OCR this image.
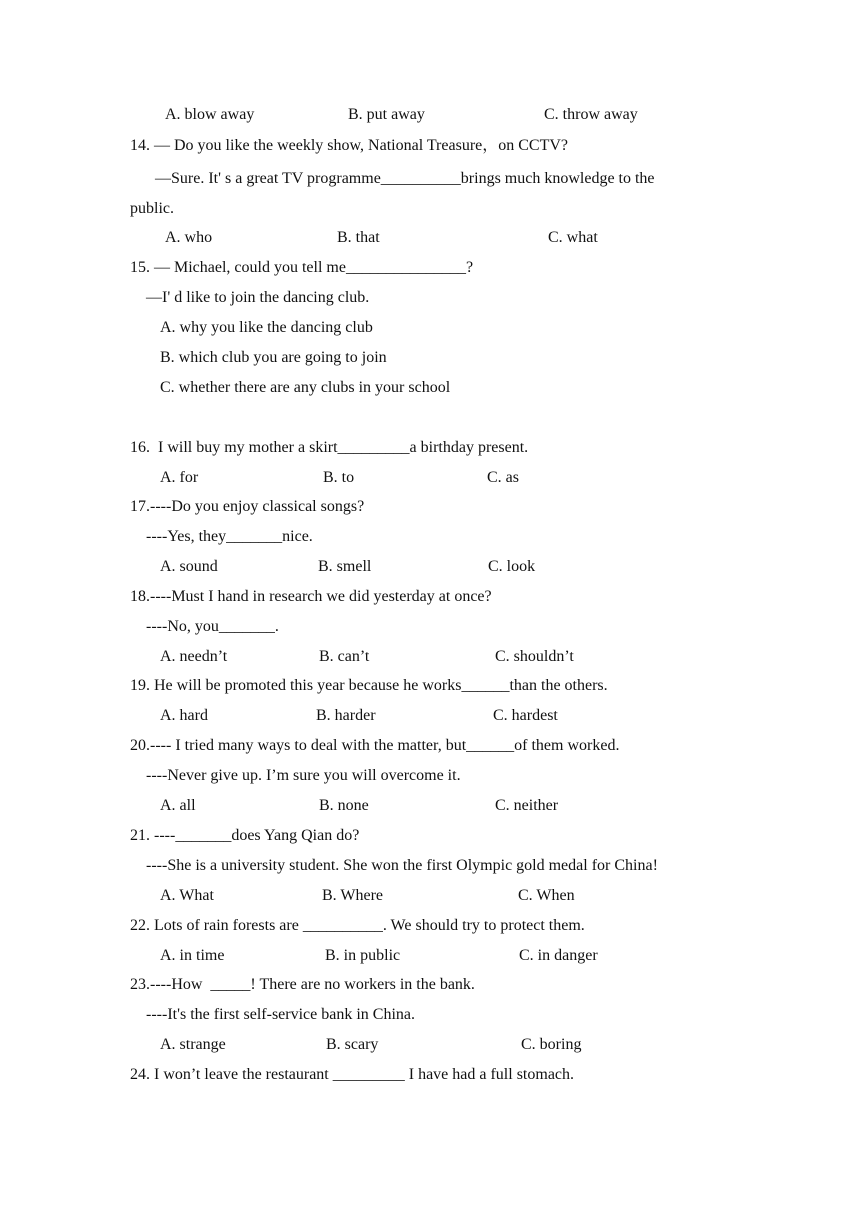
A. blow away	B. put away	C. throw away
14. — Do you like the weekly show, National Treasure，on CCTV?
—Sure. It' s a great TV programme__________brings much knowledge to the
public.
A. who	B. that	C. what
15. — Michael, could you tell me_______________?
—I' d like to join the dancing club.
A. why you like the dancing club
B. which club you are going to join
C. whether there are any clubs in your school
16.  I will buy my mother a skirt_________a birthday present.
A. for	B. to	C. as
17.----Do you enjoy classical songs?
----Yes, they_______nice.
A. sound	B. smell	C. look
18.----Must I hand in research we did yesterday at once?
----No, you_______.
A. needn’t	B. can’t	C. shouldn’t
19. He will be promoted this year because he works______than the others.
A. hard	B. harder	C. hardest
20.---- I tried many ways to deal with the matter, but______of them worked.
----Never give up. I’m sure you will overcome it.
A. all	B. none	C. neither
21. ----_______does Yang Qian do?
----She is a university student. She won the first Olympic gold medal for China!
A. What	B. Where	C. When
22. Lots of rain forests are __________. We should try to protect them.
A. in time	B. in public	C. in danger
23.----How  _____! There are no workers in the bank.
----It's the first self-service bank in China.
A. strange	B. scary	C. boring
24. I won’t leave the restaurant _________ I have had a full stomach.
